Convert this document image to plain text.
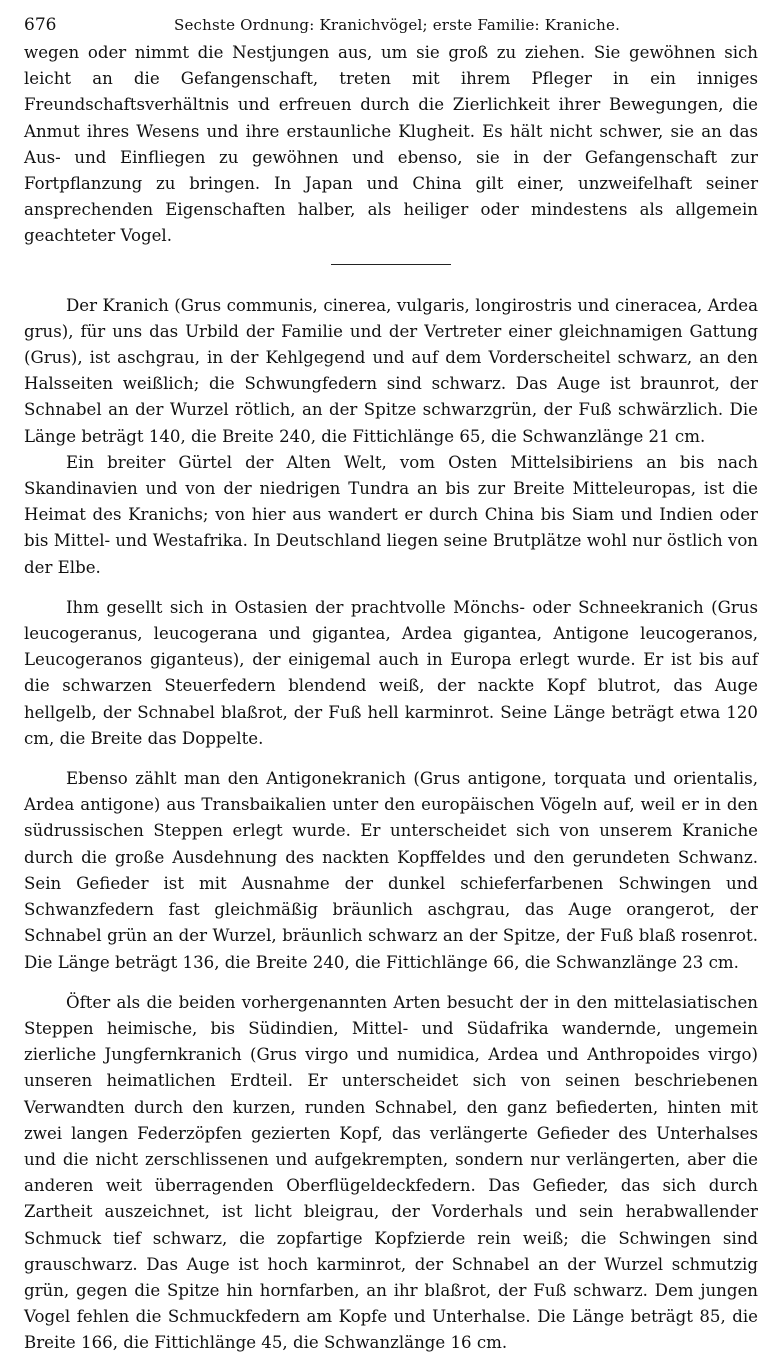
676	Sechste Ordnung: Kranichvögel; erste Familie: Kraniche.

wegen oder nimmt die Nestjungen aus, um sie groß zu ziehen. Sie gewöhnen sich leicht an die Gefangenschaft, treten mit ihrem Pfleger in ein inniges Freundschaftsverhältnis und erfreuen durch die Zierlichkeit ihrer Bewegungen, die Anmut ihres Wesens und ihre erstaunliche Klugheit. Es hält nicht schwer, sie an das Aus- und Einfliegen zu gewöhnen und ebenso, sie in der Gefangenschaft zur Fortpflanzung zu bringen. In Japan und China gilt einer, unzweifelhaft seiner ansprechenden Eigenschaften halber, als heiliger oder mindestens als allgemein geachteter Vogel.

Der Kranich (Grus communis, cinerea, vulgaris, longirostris und cineracea, Ardea grus), für uns das Urbild der Familie und der Vertreter einer gleichnamigen Gattung (Grus), ist aschgrau, in der Kehlgegend und auf dem Vorderscheitel schwarz, an den Halsseiten weißlich; die Schwungfedern sind schwarz. Das Auge ist braunrot, der Schnabel an der Wurzel rötlich, an der Spitze schwarzgrün, der Fuß schwärzlich. Die Länge beträgt 140, die Breite 240, die Fittichlänge 65, die Schwanzlänge 21 cm.

Ein breiter Gürtel der Alten Welt, vom Osten Mittelsibiriens an bis nach Skandinavien und von der niedrigen Tundra an bis zur Breite Mitteleuropas, ist die Heimat des Kranichs; von hier aus wandert er durch China bis Siam und Indien oder bis Mittel- und Westafrika. In Deutschland liegen seine Brutplätze wohl nur östlich von der Elbe.

Ihm gesellt sich in Ostasien der prachtvolle Mönchs- oder Schneekranich (Grus leucogeranus, leucogerana und gigantea, Ardea gigantea, Antigone leucogeranos, Leucogeranos giganteus), der einigemal auch in Europa erlegt wurde. Er ist bis auf die schwarzen Steuerfedern blendend weiß, der nackte Kopf blutrot, das Auge hellgelb, der Schnabel blaßrot, der Fuß hell karminrot. Seine Länge beträgt etwa 120 cm, die Breite das Doppelte.

Ebenso zählt man den Antigonekranich (Grus antigone, torquata und orientalis, Ardea antigone) aus Transbaikalien unter den europäischen Vögeln auf, weil er in den südrussischen Steppen erlegt wurde. Er unterscheidet sich von unserem Kraniche durch die große Ausdehnung des nackten Kopffeldes und den gerundeten Schwanz. Sein Gefieder ist mit Ausnahme der dunkel schieferfarbenen Schwingen und Schwanzfedern fast gleichmäßig bräunlich aschgrau, das Auge orangerot, der Schnabel grün an der Wurzel, bräunlich schwarz an der Spitze, der Fuß blaß rosenrot. Die Länge beträgt 136, die Breite 240, die Fittichlänge 66, die Schwanzlänge 23 cm.

Öfter als die beiden vorhergenannten Arten besucht der in den mittelasiatischen Steppen heimische, bis Südindien, Mittel- und Südafrika wandernde, ungemein zierliche Jungfernkranich (Grus virgo und numidica, Ardea und Anthropoides virgo) unseren heimatlichen Erdteil. Er unterscheidet sich von seinen beschriebenen Verwandten durch den kurzen, runden Schnabel, den ganz befiederten, hinten mit zwei langen Federzöpfen gezierten Kopf, das verlängerte Gefieder des Unterhalses und die nicht zerschlissenen und aufgekrempten, sondern nur verlängerten, aber die anderen weit überragenden Oberflügeldeckfedern. Das Gefieder, das sich durch Zartheit auszeichnet, ist licht bleigrau, der Vorderhals und sein herabwallender Schmuck tief schwarz, die zopfartige Kopfzierde rein weiß; die Schwingen sind grauschwarz. Das Auge ist hoch karminrot, der Schnabel an der Wurzel schmutzig grün, gegen die Spitze hin hornfarben, an ihr blaßrot, der Fuß schwarz. Dem jungen Vogel fehlen die Schmuckfedern am Kopfe und Unterhalse. Die Länge beträgt 85, die Breite 166, die Fittichlänge 45, die Schwanzlänge 16 cm.
